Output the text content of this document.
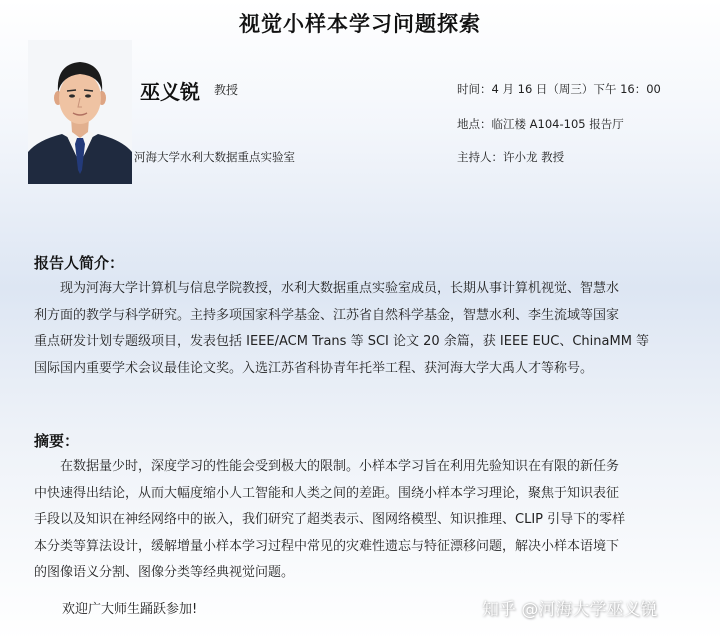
视觉小样本学习问题探索
巫义锐 教授
河海大学水利大数据重点实验室
时间：4 月 16 日（周三）下午 16：00
地点：临江楼 A104-105 报告厅
主持人：许小龙 教授
报告人简介：
现为河海大学计算机与信息学院教授，水利大数据重点实验室成员，长期从事计算机视觉、智慧水
利方面的教学与科学研究。主持多项国家科学基金、江苏省自然科学基金，智慧水利、李生流域等国家
重点研发计划专题级项目，发表包括 IEEE/ACM Trans 等 SCI 论文 20 余篇，获 IEEE EUC、ChinaMM 等
国际国内重要学术会议最佳论文奖。入选江苏省科协青年托举工程、获河海大学大禹人才等称号。
摘要：
在数据量少时，深度学习的性能会受到极大的限制。小样本学习旨在利用先验知识在有限的新任务
中快速得出结论，从而大幅度缩小人工智能和人类之间的差距。围绕小样本学习理论，聚焦于知识表征
手段以及知识在神经网络中的嵌入，我们研究了超类表示、图网络模型、知识推理、CLIP 引导下的零样
本分类等算法设计，缓解增量小样本学习过程中常见的灾难性遗忘与特征漂移问题，解决小样本语境下
的图像语义分割、图像分类等经典视觉问题。
欢迎广大师生踊跃参加!	知乎 @河海大学巫义锐
